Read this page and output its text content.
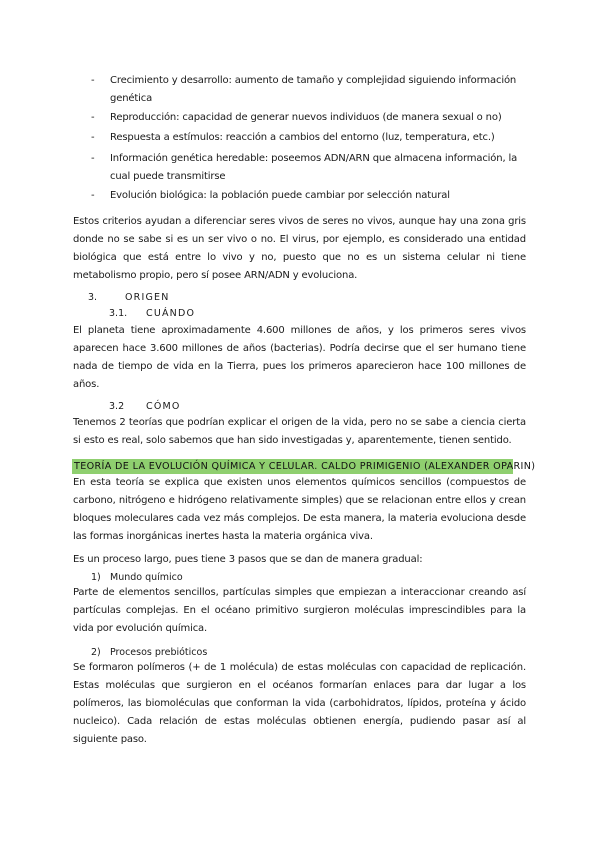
- Crecimiento y desarrollo: aumento de tamaño y complejidad siguiendo información genética
- Reproducción: capacidad de generar nuevos individuos (de manera sexual o no)
- Respuesta a estímulos: reacción a cambios del entorno (luz, temperatura, etc.)
- Información genética heredable: poseemos ADN/ARN que almacena información, la cual puede transmitirse
- Evolución biológica: la población puede cambiar por selección natural
Estos criterios ayudan a diferenciar seres vivos de seres no vivos, aunque hay una zona gris donde no se sabe si es un ser vivo o no. El virus, por ejemplo, es considerado una entidad biológica que está entre lo vivo y no, puesto que no es un sistema celular ni tiene metabolismo propio, pero sí posee ARN/ADN y evoluciona.
3.	ORIGEN
3.1. CUÁNDO
El planeta tiene aproximadamente 4.600 millones de años, y los primeros seres vivos aparecen hace 3.600 millones de años (bacterias). Podría decirse que el ser humano tiene nada de tiempo de vida en la Tierra, pues los primeros aparecieron hace 100 millones de años.
3.2 CÓMO
Tenemos 2 teorías que podrían explicar el origen de la vida, pero no se sabe a ciencia cierta si esto es real, solo sabemos que han sido investigadas y, aparentemente, tienen sentido.
TEORÍA DE LA EVOLUCIÓN QUÍMICA Y CELULAR. CALDO PRIMIGENIO (ALEXANDER OPARIN)
En esta teoría se explica que existen unos elementos químicos sencillos (compuestos de carbono, nitrógeno e hidrógeno relativamente simples) que se relacionan entre ellos y crean bloques moleculares cada vez más complejos. De esta manera, la materia evoluciona desde las formas inorgánicas inertes hasta la materia orgánica viva.
Es un proceso largo, pues tiene 3 pasos que se dan de manera gradual:
1) Mundo químico
Parte de elementos sencillos, partículas simples que empiezan a interaccionar creando así partículas complejas. En el océano primitivo surgieron moléculas imprescindibles para la vida por evolución química.
2) Procesos prebióticos
Se formaron polímeros (+ de 1 molécula) de estas moléculas con capacidad de replicación. Estas moléculas que surgieron en el océanos formarían enlaces para dar lugar a los polímeros, las biomoléculas que conforman la vida (carbohidratos, lípidos, proteína y ácido nucleico). Cada relación de estas moléculas obtienen energía, pudiendo pasar así al siguiente paso.
